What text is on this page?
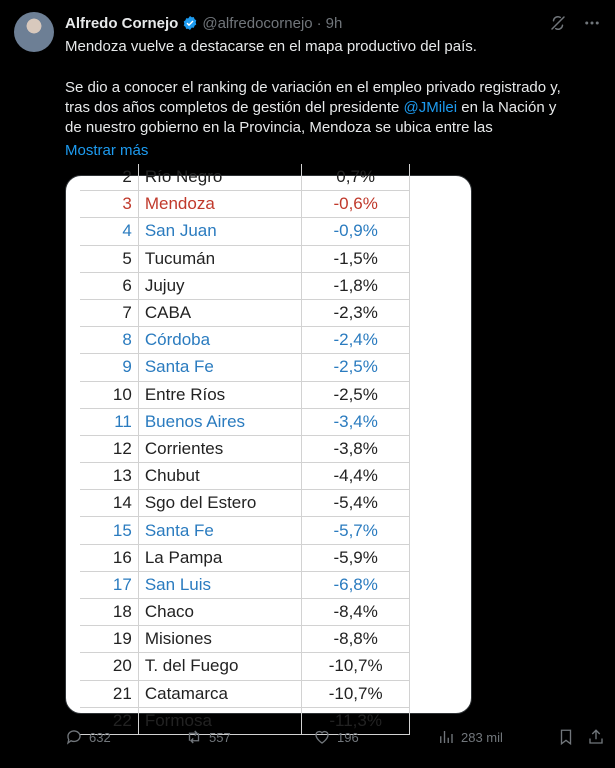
Alfredo Cornejo @alfredocornejo · 9h
Mendoza vuelve a destacarse en el mapa productivo del país.
Se dio a conocer el ranking de variación en el empleo privado registrado y,
tras dos años completos de gestión del presidente @JMilei en la Nación y
de nuestro gobierno en la Provincia, Mendoza se ubica entre las
Mostrar más
2 Río Negro	0,7%
3 Mendoza	-0,6%
4 San Juan	-0,9%
5 Tucumán	-1,5%
6 Jujuy	-1,8%
7 CABA	-2,3%
8 Córdoba	-2,4%
9 Santa Fe	-2,5%
10 Entre Ríos	-2,5%
11 Buenos Aires	-3,4%
12 Corrientes	-3,8%
13 Chubut	-4,4%
14 Sgo del Estero	-5,4%
15 Santa Fe	-5,7%
16 La Pampa	-5,9%
17 San Luis	-6,8%
18 Chaco	-8,4%
19 Misiones	-8,8%
20 T. del Fuego	-10,7%
21 Catamarca	-10,7%
22 Formosa	-11,3%
632	557	196	283 mil
